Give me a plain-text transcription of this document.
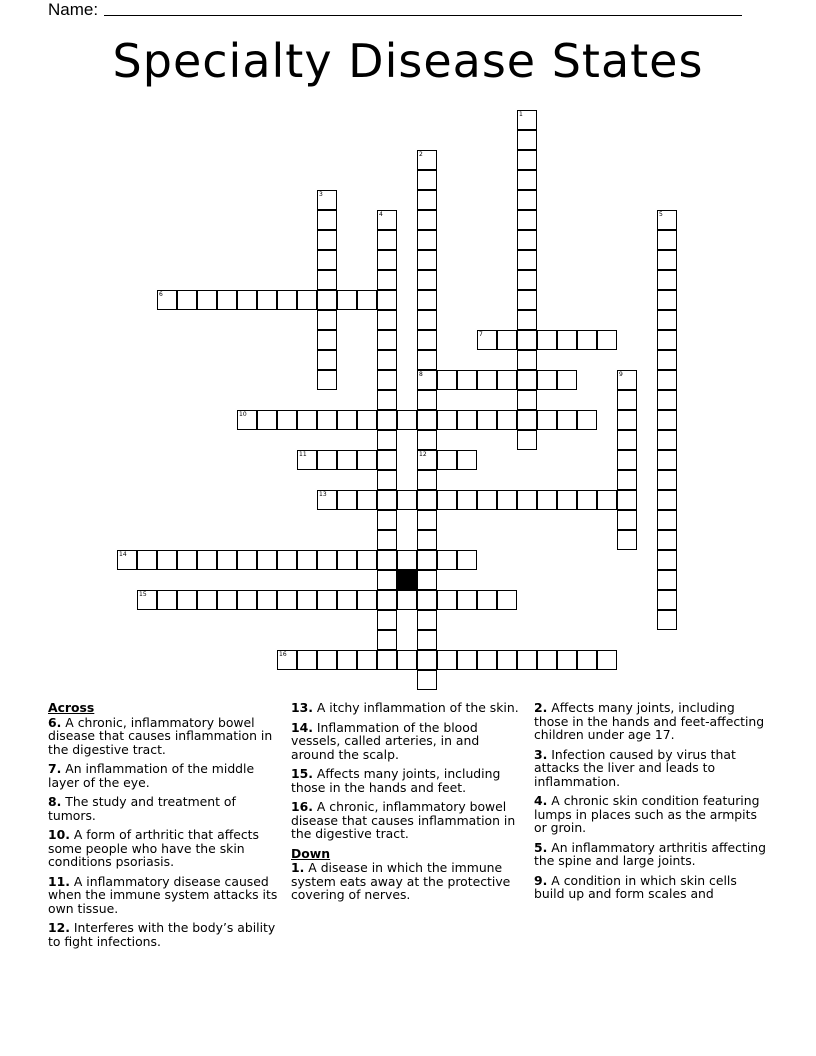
Name:
Specialty Disease States
1
2
8
12
3
4	5
6
7
9
10
11
13
14
15
16
Across
6. A chronic, inflammatory bowel disease that causes inflammation in the digestive tract.
7. An inflammation of the middle layer of the eye.
8. The study and treatment of tumors.
10. A form of arthritic that affects some people who have the skin conditions psoriasis.
11. A inflammatory disease caused when the immune system attacks its own tissue.
12. Interferes with the body’s ability to fight infections.
13. A itchy inflammation of the skin.
14. Inflammation of the blood vessels, called arteries, in and around the scalp.
15. Affects many joints, including those in the hands and feet.
16. A chronic, inflammatory bowel disease that causes inflammation in the digestive tract.
Down
1. A disease in which the immune system eats away at the protective covering of nerves.
2. Affects many joints, including those in the hands and feet-affecting children under age 17.
3. Infection caused by virus that attacks the liver and leads to inflammation.
4. A chronic skin condition featuring lumps in places such as the armpits or groin.
5. An inflammatory arthritis affecting the spine and large joints.
9. A condition in which skin cells build up and form scales and
